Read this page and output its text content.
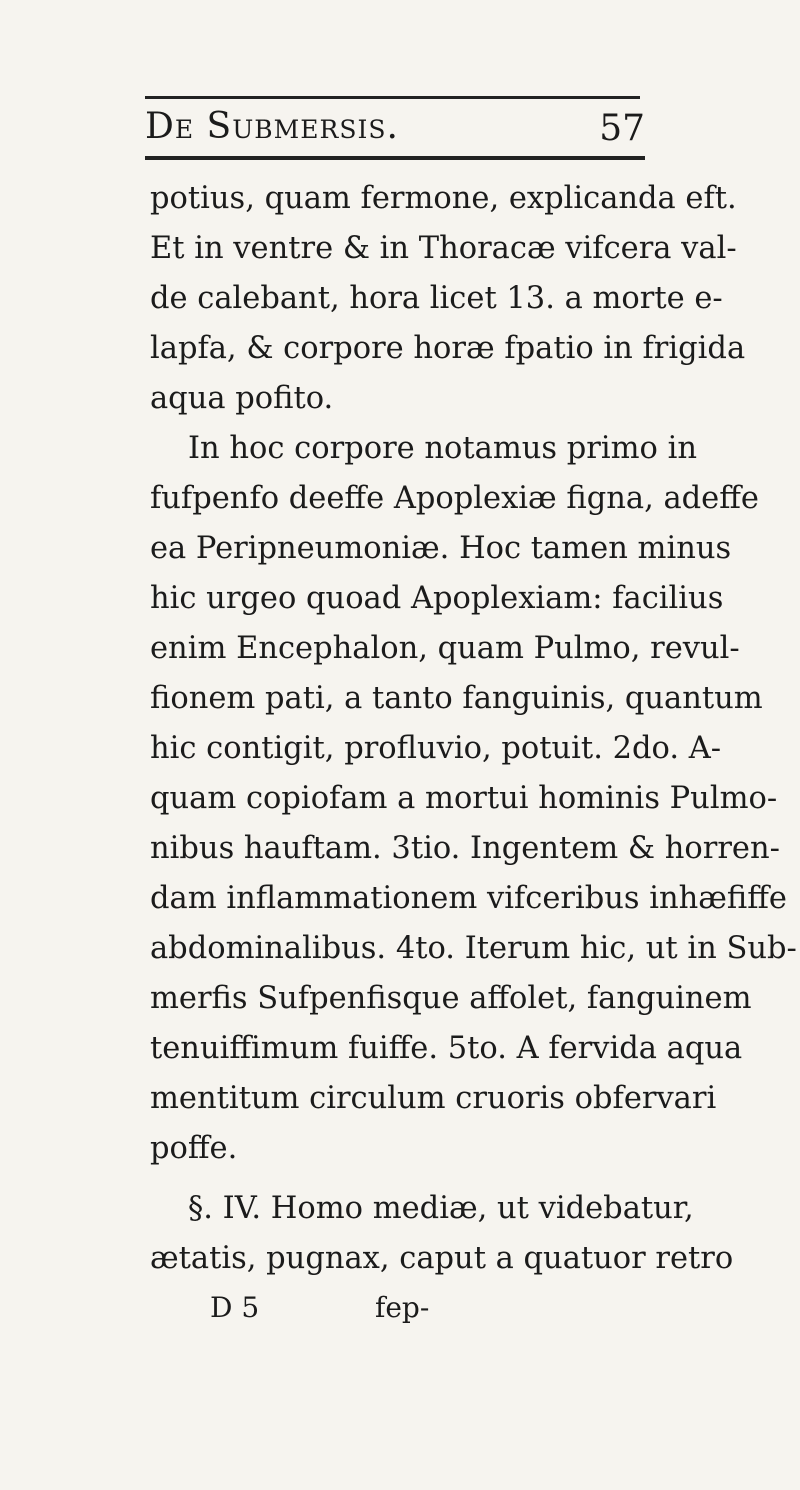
De Submersis.	57
potius, quam fermone, explicanda eft.
Et in ventre & in Thoracæ vifcera val-
de calebant, hora licet 13. a morte e-
lapfa, & corpore horæ fpatio in frigida
aqua pofito.
In hoc corpore notamus primo in
fufpenfo deeffe Apoplexiæ figna, adeffe
ea Peripneumoniæ. Hoc tamen minus
hic urgeo quoad Apoplexiam: facilius
enim Encephalon, quam Pulmo, revul-
fionem pati, a tanto fanguinis, quantum
hic contigit, profluvio, potuit. 2do. A-
quam copiofam a mortui hominis Pulmo-
nibus hauftam. 3tio. Ingentem & horren-
dam inflammationem vifceribus inhæfiffe
abdominalibus. 4to. Iterum hic, ut in Sub-
merfis Sufpenfisque affolet, fanguinem
tenuiffimum fuiffe. 5to. A fervida aqua
mentitum circulum cruoris obfervari
poffe.
§. IV. Homo mediæ, ut videbatur,
ætatis, pugnax, caput a quatuor retro
D 5	fep-
